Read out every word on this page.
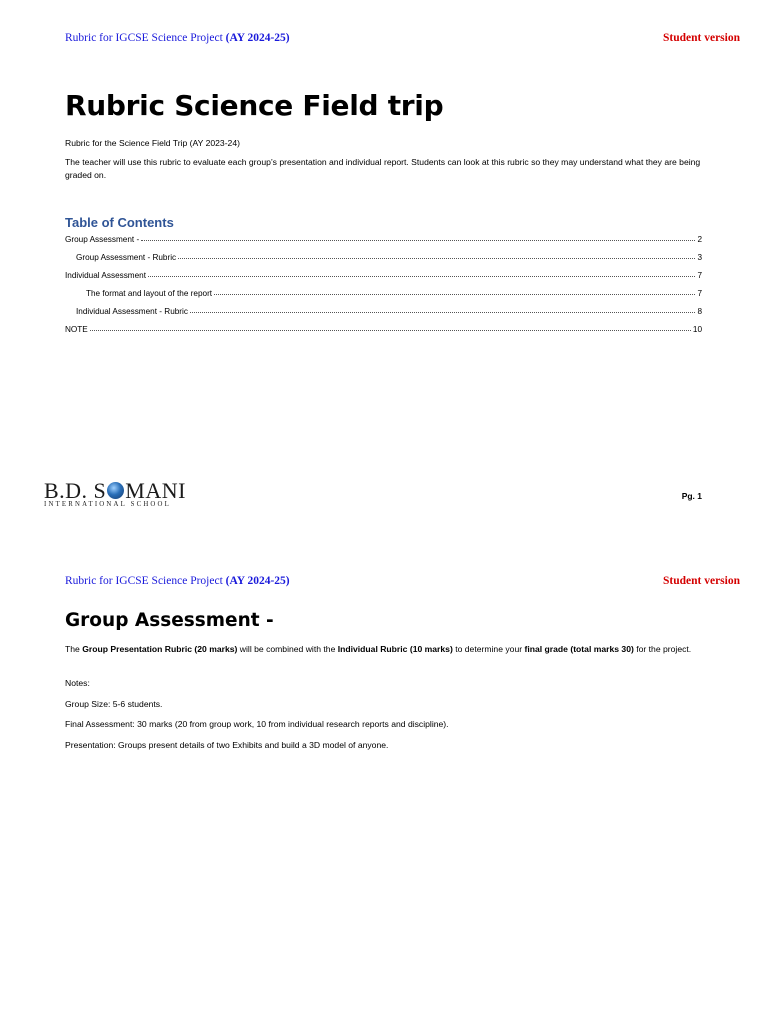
Rubric for IGCSE Science Project (AY 2024-25)	Student version
Rubric Science Field trip

Rubric for the Science Field Trip (AY 2023-24)

The teacher will use this rubric to evaluate each group’s presentation and individual report. Students can look at this rubric so they may understand what they are being graded on.

Table of Contents
Group Assessment -	2
Group Assessment - Rubric	3
Individual Assessment	7
The format and layout of the report	7
Individual Assessment - Rubric	8
NOTE	10
B.D. S MANI
INTERNATIONAL SCHOOL
Pg. 1
Rubric for IGCSE Science Project (AY 2024-25)	Student version
Group Assessment -

The Group Presentation Rubric (20 marks) will be combined with the Individual Rubric (10 marks) to determine your final grade (total marks 30) for the project.

Notes:

Group Size: 5-6 students.

Final Assessment: 30 marks (20 from group work, 10 from individual research reports and discipline).

Presentation: Groups present details of two Exhibits and build a 3D model of anyone.
